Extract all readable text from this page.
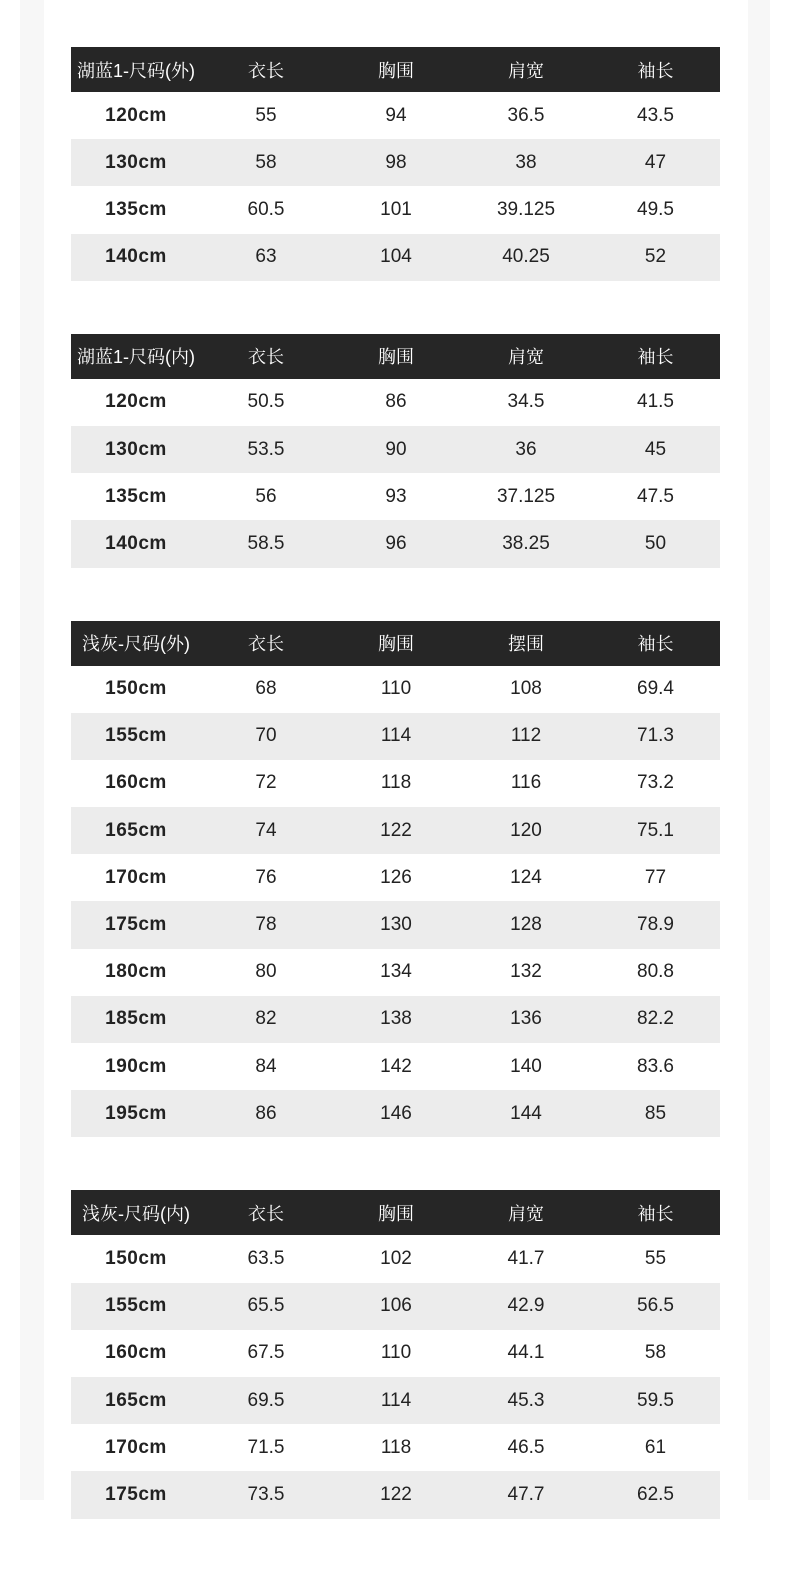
湖蓝1-尺码(外)	衣长	胸围	肩宽	袖长
120cm	55	94	36.5	43.5
130cm	58	98	38	47
135cm	60.5	101	39.125	49.5
140cm	63	104	40.25	52
湖蓝1-尺码(内)	衣长	胸围	肩宽	袖长
120cm	50.5	86	34.5	41.5
130cm	53.5	90	36	45
135cm	56	93	37.125	47.5
140cm	58.5	96	38.25	50
浅灰-尺码(外)	衣长	胸围	摆围	袖长
150cm	68	110	108	69.4
155cm	70	114	112	71.3
160cm	72	118	116	73.2
165cm	74	122	120	75.1
170cm	76	126	124	77
175cm	78	130	128	78.9
180cm	80	134	132	80.8
185cm	82	138	136	82.2
190cm	84	142	140	83.6
195cm	86	146	144	85
浅灰-尺码(内)	衣长	胸围	肩宽	袖长
150cm	63.5	102	41.7	55
155cm	65.5	106	42.9	56.5
160cm	67.5	110	44.1	58
165cm	69.5	114	45.3	59.5
170cm	71.5	118	46.5	61
175cm	73.5	122	47.7	62.5
